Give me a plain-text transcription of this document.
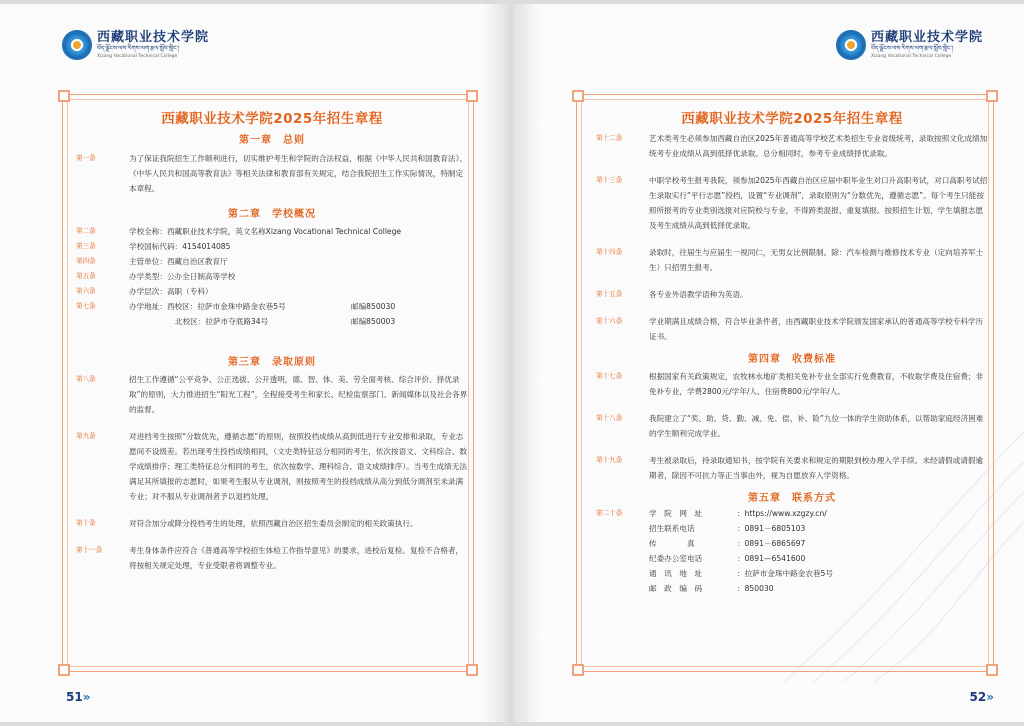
西藏职业技术学院
བོད་ལྗོངས་ལས་རིགས་ལག་རྩལ་སློབ་གླིང་།
Xizang Vocational Technical College
西藏职业技术学院2025年招生章程
第一章　总则
第一条	为了保证我院招生工作顺利进行，切实维护考生和学院的合法权益，根据《中华人民共和国教育法》、《中华人民共和国高等教育法》等相关法律和教育部有关规定，结合我院招生工作实际情况，特制定本章程。
第二章　学校概况
第二条	学校全称：西藏职业技术学院，英文名称Xizang Vocational Technical College
第三条	学校国标代码：4154014085
第四条	主管单位：西藏自治区教育厅
第五条	办学类型：公办全日制高等学校
第六条	办学层次：高职（专科）
第七条	办学地址：西校区：拉萨市金珠中路金农巷5号	邮编850030
北校区：拉萨市夺底路34号	邮编850003
第三章　录取原则
第八条	招生工作遵循“公平竞争、公正选拔、公开透明，德、智、体、美、劳全面考核、综合评价、择优录取”的原则，大力推进招生“阳光工程”，全程接受考生和家长、纪检监察部门、新闻媒体以及社会各界的监督。
第九条	对进档考生按照“分数优先，遵循志愿”的原则，按照投档成绩从高到低进行专业安排和录取，专业志愿间不设级差。若出现考生投档成绩相同，（文史类特征总分相同的考生，依次按语文、文科综合、数学成绩排序；理工类特征总分相同的考生，依次按数学、理科综合、语文成绩排序）。当考生成绩无法满足其所填报的志愿时，如果考生服从专业调剂，则按照考生的投档成绩从高分到低分调剂至未录满专业；对不服从专业调剂者予以退档处理。
第十条	对符合加分或降分投档考生的处理，依照西藏自治区招生委员会制定的相关政策执行。
第十一条	考生身体条件应符合《普通高等学校招生体检工作指导意见》的要求，进校后复检。复检不合格者，将按相关规定处理，专业受限者将调整专业。
51»
西藏职业技术学院
བོད་ལྗོངས་ལས་རིགས་ལག་རྩལ་སློབ་གླིང་།
Xizang Vocational Technical College
西藏职业技术学院2025年招生章程
第十二条	艺术类考生必须参加西藏自治区2025年普通高等学校艺术类招生专业省级统考，录取按照文化成绩加统考专业成绩从高到低择优录取。总分相同时，参考专业成绩择优录取。
第十三条	中职学校考生报考我院，须参加2025年西藏自治区应届中职毕业生对口升高职考试，对口高职考试招生录取实行“平行志愿”投档，设置“专业调剂”，录取原则为“分数优先，遵循志愿”。每个考生只能按照所报考的专业类别选报对应院校与专业，不得跨类混报、重复填报。按照招生计划、学生填报志愿及考生成绩从高到低择优录取。
第十四条	录取时，往届生与应届生一视同仁，无男女比例限制。除：汽车检测与维修技术专业（定向培养军士生）只招男生报考。
第十五条	各专业外语教学语种为英语。
第十六条	学业期满且成绩合格，符合毕业条件者，由西藏职业技术学院颁发国家承认的普通高等学校专科学历证书。
第四章　收费标准
第十七条	根据国家有关政策规定，农牧林水地矿类相关免补专业全部实行免费教育，不收取学费及住宿费；非免补专业，学费2800元/学年/人、住宿费800元/学年/人。
第十八条	我院建立了“奖、助、贷、勤、减、免、偿、补、险”九位一体的学生资助体系，以帮助家庭经济困难的学生顺利完成学业。
第十九条	考生被录取后，持录取通知书，按学院有关要求和规定的期限到校办理入学手续。未经请假或请假逾期者，除因不可抗力等正当事由外，视为自愿放弃入学资格。
第五章　联系方式
第二十条	学　院　网　址	：https://www.xzgzy.cn/
招生联系电话	：0891－6805103
传　　　　真	：0891－6865697
纪委办公室电话	：0891—6541600
通　讯　地　址	：拉萨市金珠中路金农巷5号
邮　政　编　码	：850030
52»
